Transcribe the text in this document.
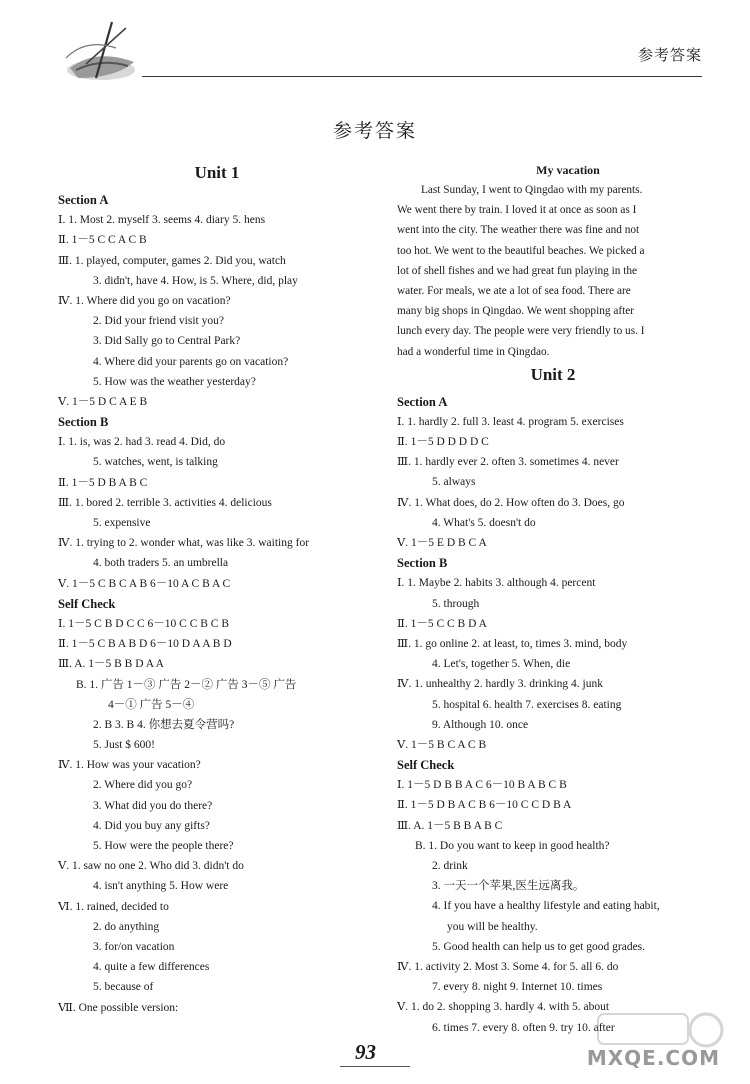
参考答案
参考答案
Unit 1
Section A
Ⅰ. 1. Most 2. myself 3. seems 4. diary 5. hens
Ⅱ. 1－5 C C A C B
Ⅲ. 1. played, computer, games 2. Did you, watch
3. didn't, have 4. How, is 5. Where, did, play
Ⅳ. 1. Where did you go on vacation?
2. Did your friend visit you?
3. Did Sally go to Central Park?
4. Where did your parents go on vacation?
5. How was the weather yesterday?
Ⅴ. 1－5 D C A E B
Section B
Ⅰ. 1. is, was 2. had 3. read 4. Did, do
5. watches, went, is talking
Ⅱ. 1－5 D B A B C
Ⅲ. 1. bored 2. terrible 3. activities 4. delicious
5. expensive
Ⅳ. 1. trying to 2. wonder what, was like 3. waiting for
4. both traders 5. an umbrella
Ⅴ. 1－5 C B C A B 6－10 A C B A C
Self Check
Ⅰ. 1－5 C B D C C 6－10 C C B C B
Ⅱ. 1－5 C B A B D 6－10 D A A B D
Ⅲ. A. 1－5 B B D A A
B. 1. 广告 1－③ 广告 2－② 广告 3－⑤ 广告
4－① 广告 5－④
2. B 3. B 4. 你想去夏令营吗?
5. Just $ 600!
Ⅳ. 1. How was your vacation?
2. Where did you go?
3. What did you do there?
4. Did you buy any gifts?
5. How were the people there?
Ⅴ. 1. saw no one 2. Who did 3. didn't do
4. isn't anything 5. How were
Ⅵ. 1. rained, decided to
2. do anything
3. for/on vacation
4. quite a few differences
5. because of
Ⅶ. One possible version:
My vacation
Last Sunday, I went to Qingdao with my parents.
We went there by train. I loved it at once as soon as I
went into the city. The weather there was fine and not
too hot. We went to the beautiful beaches. We picked a
lot of shell fishes and we had great fun playing in the
water. For meals, we ate a lot of sea food. There are
many big shops in Qingdao. We went shopping after
lunch every day. The people were very friendly to us. I
had a wonderful time in Qingdao.
Unit 2
Section A
Ⅰ. 1. hardly 2. full 3. least 4. program 5. exercises
Ⅱ. 1－5 D D D D C
Ⅲ. 1. hardly ever 2. often 3. sometimes 4. never
5. always
Ⅳ. 1. What does, do 2. How often do 3. Does, go
4. What's 5. doesn't do
Ⅴ. 1－5 E D B C A
Section B
Ⅰ. 1. Maybe 2. habits 3. although 4. percent
5. through
Ⅱ. 1－5 C C B D A
Ⅲ. 1. go online 2. at least, to, times 3. mind, body
4. Let's, together 5. When, die
Ⅳ. 1. unhealthy 2. hardly 3. drinking 4. junk
5. hospital 6. health 7. exercises 8. eating
9. Although 10. once
Ⅴ. 1－5 B C A C B
Self Check
Ⅰ. 1－5 D B B A C 6－10 B A B C B
Ⅱ. 1－5 D B A C B 6－10 C C D B A
Ⅲ. A. 1－5 B B A B C
B. 1. Do you want to keep in good health?
2. drink
3. 一天一个苹果,医生远离我。
4. If you have a healthy lifestyle and eating habit,
you will be healthy.
5. Good health can help us to get good grades.
Ⅳ. 1. activity 2. Most 3. Some 4. for 5. all 6. do
7. every 8. night 9. Internet 10. times
Ⅴ. 1. do 2. shopping 3. hardly 4. with 5. about
6. times 7. every 8. often 9. try 10. after
93	MXQE.COM
